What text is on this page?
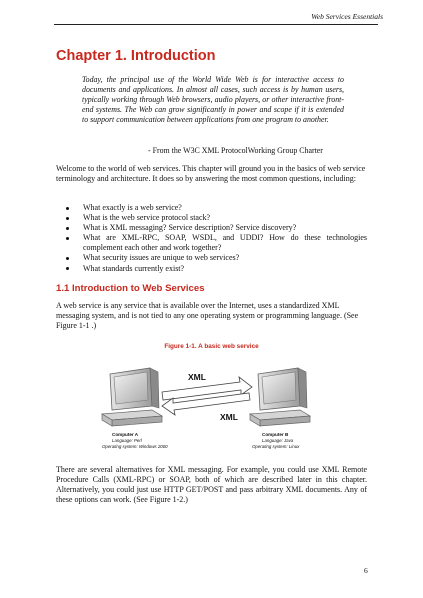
Web Services Essentials
Chapter 1. Introduction

Today, the principal use of the World Wide Web is for interactive access to documents and applications. In almost all cases, such access is by human users, typically working through Web browsers, audio players, or other interactive front-end systems. The Web can grow significantly in power and scope if it is extended to support communication between applications from one program to another.

- From the W3C XML ProtocolWorking Group Charter

Welcome to the world of web services. This chapter will ground you in the basics of web service terminology and architecture. It does so by answering the most common questions, including:

What exactly is a web service?
What is the web service protocol stack?
What is XML messaging? Service description? Service discovery?
What are XML-RPC, SOAP, WSDL, and UDDI? How do these technologies complement each other and work together?
What security issues are unique to web services?
What standards currently exist?
1.1 Introduction to Web Services

A web service is any service that is available over the Internet, uses a standardized XML messaging system, and is not tied to any one operating system or programming language. (See Figure 1-1 .)

Figure 1-1. A basic web service
XML
XML
Computer A
Language: Perl
Operating system: Windows 2000
Computer B
Language: Java
Operating system: Linux

There are several alternatives for XML messaging. For example, you could use XML Remote Procedure Calls (XML-RPC) or SOAP, both of which are described later in this chapter. Alternatively, you could just use HTTP GET/POST and pass arbitrary XML documents. Any of these options can work. (See Figure 1-2.)

6
